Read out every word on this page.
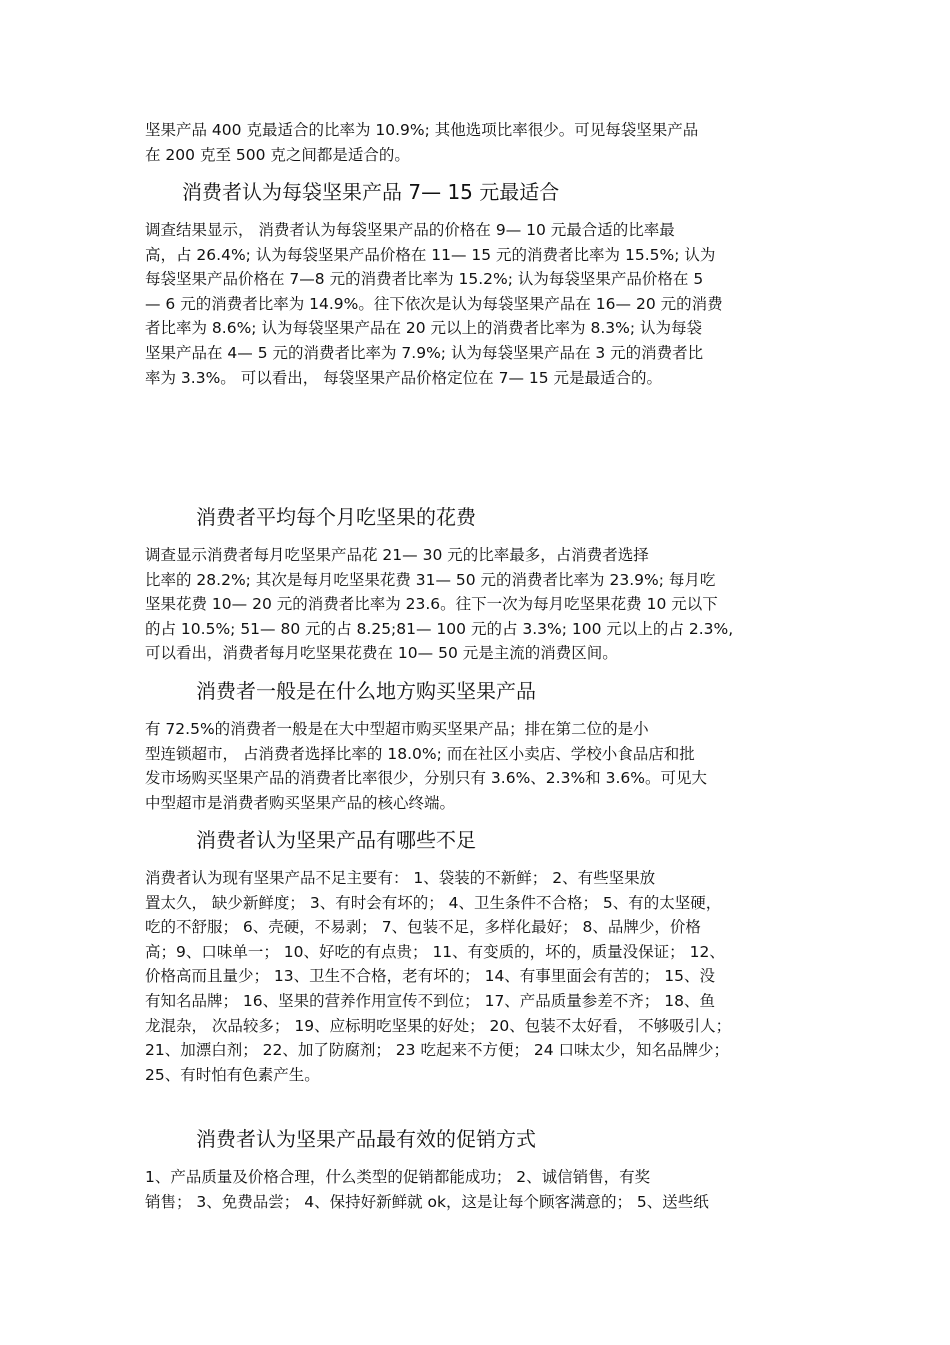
坚果产品 400 克最适合的比率为 10.9%; 其他选项比率很少。可见每袋坚果产品
在 200 克至 500 克之间都是适合的。
消费者认为每袋坚果产品 7— 15 元最适合
调查结果显示， 消费者认为每袋坚果产品的价格在 9— 10 元最合适的比率最
高，占 26.4%; 认为每袋坚果产品价格在 11— 15 元的消费者比率为 15.5%; 认为
每袋坚果产品价格在 7—8 元的消费者比率为 15.2%; 认为每袋坚果产品价格在 5
— 6 元的消费者比率为 14.9%。往下依次是认为每袋坚果产品在 16— 20 元的消费
者比率为 8.6%; 认为每袋坚果产品在 20 元以上的消费者比率为 8.3%; 认为每袋
坚果产品在 4— 5 元的消费者比率为 7.9%; 认为每袋坚果产品在 3 元的消费者比
率为 3.3%。 可以看出， 每袋坚果产品价格定位在 7— 15 元是最适合的。
消费者平均每个月吃坚果的花费
调查显示消费者每月吃坚果产品花 21— 30 元的比率最多，占消费者选择
比率的 28.2%; 其次是每月吃坚果花费 31— 50 元的消费者比率为 23.9%; 每月吃
坚果花费 10— 20 元的消费者比率为 23.6。往下一次为每月吃坚果花费 10 元以下
的占 10.5%; 51— 80 元的占 8.25;81— 100 元的占 3.3%; 100 元以上的占 2.3%,
可以看出，消费者每月吃坚果花费在 10— 50 元是主流的消费区间。
消费者一般是在什么地方购买坚果产品
有 72.5%的消费者一般是在大中型超市购买坚果产品；排在第二位的是小
型连锁超市， 占消费者选择比率的 18.0%; 而在社区小卖店、学校小食品店和批
发市场购买坚果产品的消费者比率很少，分别只有 3.6%、2.3%和 3.6%。可见大
中型超市是消费者购买坚果产品的核心终端。
消费者认为坚果产品有哪些不足
消费者认为现有坚果产品不足主要有： 1、袋装的不新鲜； 2、有些坚果放
置太久， 缺少新鲜度； 3、有时会有坏的； 4、卫生条件不合格； 5、有的太坚硬，
吃的不舒服； 6、壳硬，不易剥； 7、包装不足，多样化最好； 8、品牌少，价格
高；9、口味单一； 10、好吃的有点贵； 11、有变质的，坏的，质量没保证； 12、
价格高而且量少； 13、卫生不合格，老有坏的； 14、有事里面会有苦的； 15、没
有知名品牌； 16、坚果的营养作用宣传不到位； 17、产品质量参差不齐； 18、鱼
龙混杂， 次品较多； 19、应标明吃坚果的好处； 20、包装不太好看， 不够吸引人；
21、加漂白剂； 22、加了防腐剂； 23 吃起来不方便； 24 口味太少，知名品牌少；
25、有时怕有色素产生。
消费者认为坚果产品最有效的促销方式
1、产品质量及价格合理，什么类型的促销都能成功； 2、诚信销售，有奖
销售； 3、免费品尝； 4、保持好新鲜就 ok，这是让每个顾客满意的； 5、送些纸
